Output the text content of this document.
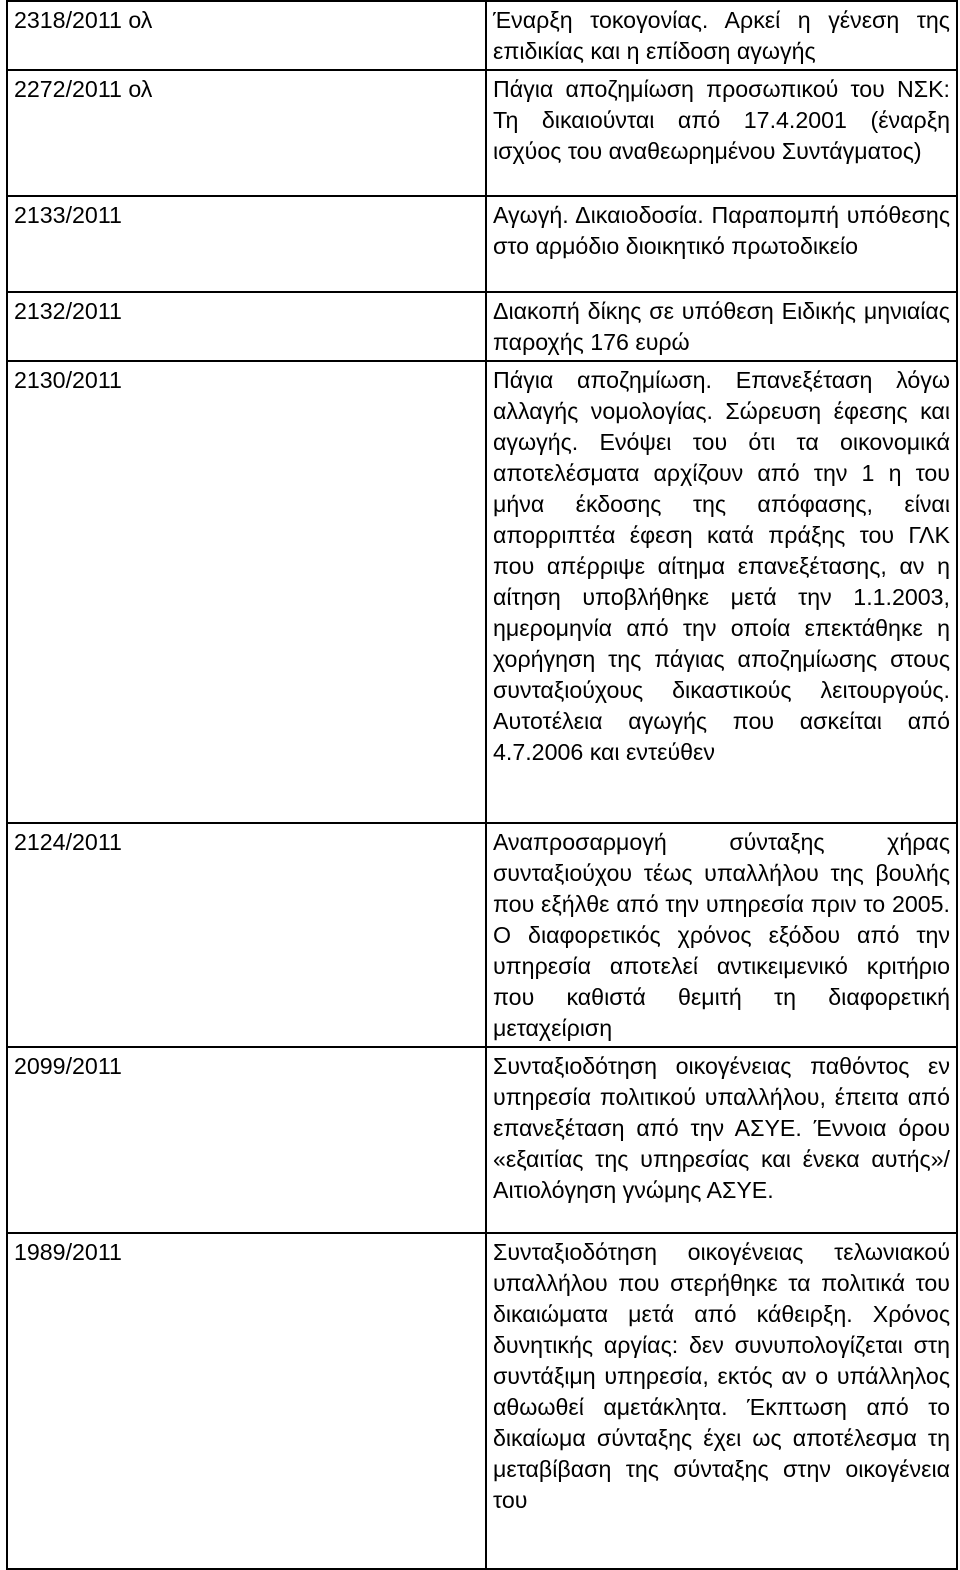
2318/2011 ολ	Έναρξη τοκογονίας. Αρκεί η γένεση της επιδικίας και η επίδοση αγωγής
2272/2011 ολ	Πάγια αποζημίωση προσωπικού του ΝΣΚ: Τη δικαιούνται από 17.4.2001 (έναρξη ισχύος του αναθεωρημένου Συντάγματος)
2133/2011	Αγωγή. Δικαιοδοσία. Παραπομπή υπόθεσης στο αρμόδιο διοικητικό πρωτοδικείο
2132/2011	Διακοπή δίκης σε υπόθεση Ειδικής μηνιαίας παροχής 176 ευρώ
2130/2011	Πάγια αποζημίωση. Επανεξέταση λόγω αλλαγής νομολογίας. Σώρευση έφεσης και αγωγής. Ενόψει του ότι τα οικονομικά αποτελέσματα αρχίζουν από την 1 η του μήνα έκδοσης της απόφασης, είναι απορριπτέα έφεση κατά πράξης του ΓΛΚ που απέρριψε αίτημα επανεξέτασης, αν η αίτηση υποβλήθηκε μετά την 1.1.2003, ημερομηνία από την οποία επεκτάθηκε η χορήγηση της πάγιας αποζημίωσης στους συνταξιούχους δικαστικούς λειτουργούς. Αυτοτέλεια αγωγής που ασκείται από 4.7.2006 και εντεύθεν
2124/2011	Αναπροσαρμογή σύνταξης χήρας συνταξιούχου τέως υπαλλήλου της βουλής που εξήλθε από την υπηρεσία πριν το 2005. Ο διαφορετικός χρόνος εξόδου από την υπηρεσία αποτελεί αντικειμενικό κριτήριο που καθιστά θεμιτή τη διαφορετική μεταχείριση
2099/2011	Συνταξιοδότηση οικογένειας παθόντος εν υπηρεσία πολιτικού υπαλλήλου, έπειτα από επανεξέταση από την ΑΣΥΕ. Έννοια όρου «εξαιτίας της υπηρεσίας και ένεκα αυτής»/ Αιτιολόγηση γνώμης ΑΣΥΕ.
1989/2011	Συνταξιοδότηση οικογένειας τελωνιακού υπαλλήλου που στερήθηκε τα πολιτικά του δικαιώματα μετά από κάθειρξη. Χρόνος δυνητικής αργίας: δεν συνυπολογίζεται στη συντάξιμη υπηρεσία, εκτός αν ο υπάλληλος αθωωθεί αμετάκλητα. Έκπτωση από το δικαίωμα σύνταξης έχει ως αποτέλεσμα τη μεταβίβαση της σύνταξης στην οικογένεια του
